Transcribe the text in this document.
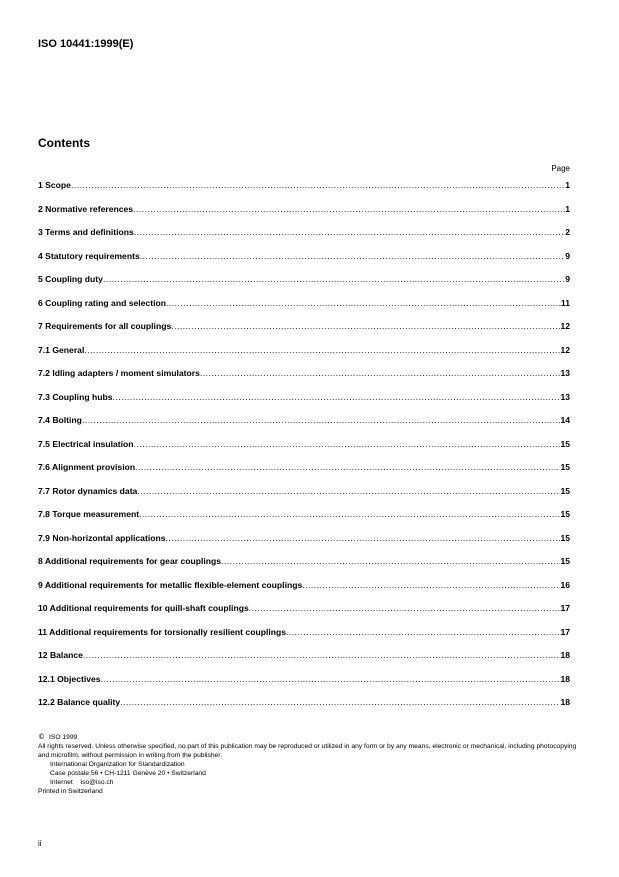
ISO 10441:1999(E)
Contents
Page
1 Scope .....	1
2 Normative references .....	1
3 Terms and definitions .....	2
4 Statutory requirements .....	9
5 Coupling duty .....	9
6 Coupling rating and selection .....	11
7 Requirements for all couplings .....	12
7.1 General .....	12
7.2 Idling adapters / moment simulators .....	13
7.3 Coupling hubs .....	13
7.4 Bolting .....	14
7.5 Electrical insulation .....	15
7.6 Alignment provision .....	15
7.7 Rotor dynamics data .....	15
7.8 Torque measurement .....	15
7.9 Non-horizontal applications .....	15
8 Additional requirements for gear couplings .....	15
9 Additional requirements for metallic flexible-element couplings .....	16
10 Additional requirements for quill-shaft couplings .....	17
11 Additional requirements for torsionally resilient couplings .....	17
12 Balance .....	18
12.1 Objectives .....	18
12.2 Balance quality .....	18

© ISO 1999

All rights reserved. Unless otherwise specified, no part of this publication may be reproduced or utilized in any form or by any means, electronic or mechanical, including photocopying and microfilm, without permission in writing from the publisher.

International Organization for Standardization

Case postale 56 • CH-1211 Genève 20 • Switzerland

Internet iso@iso.ch

Printed in Switzerland

ii
